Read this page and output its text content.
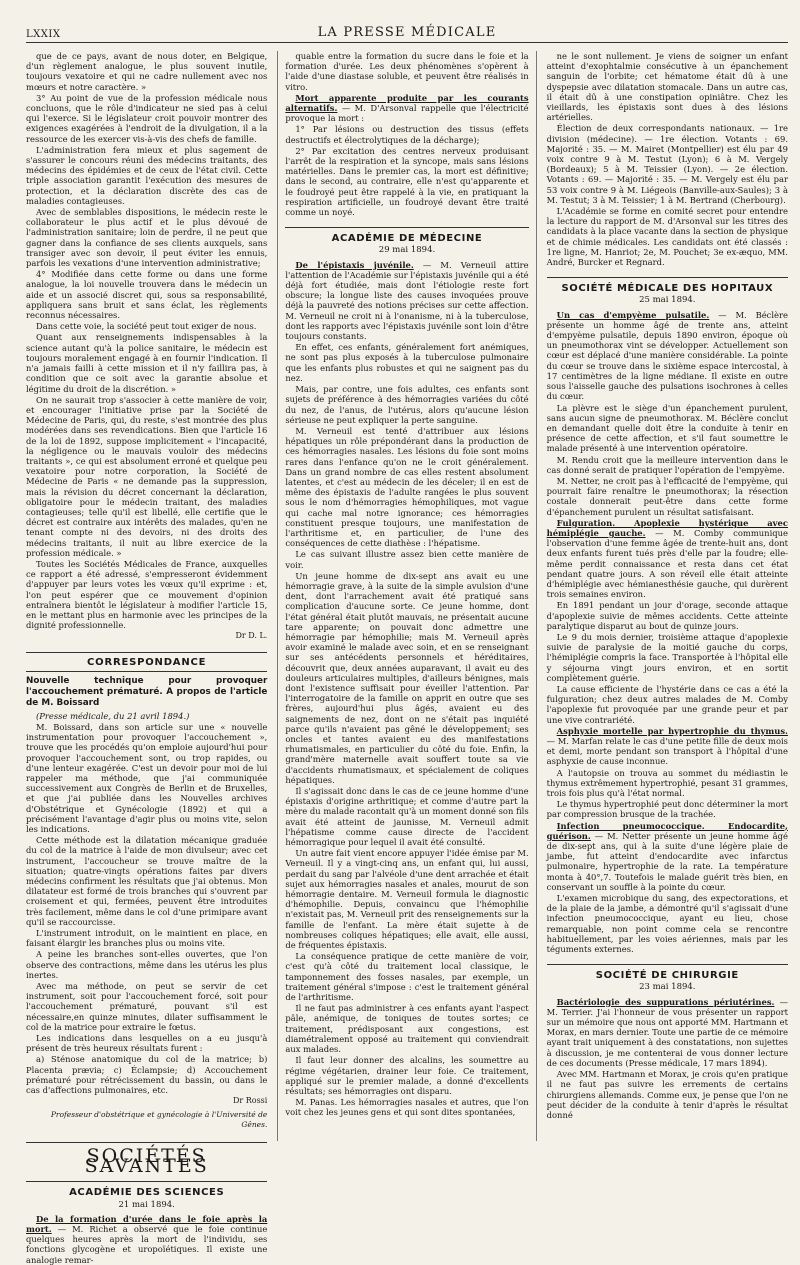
LXXIX	LA PRESSE MÉDICALE

que de ce pays, avant de nous doter, en Belgique, d'un règlement analogue, le plus souvent inutile, toujours vexatoire et qui ne cadre nullement avec nos mœurs et notre caractère. »

3° Au point de vue de la profession médicale nous concluons, que le rôle d'indicateur ne sied pas à celui qui l'exerce. Si le législateur croit pouvoir montrer des exigences exagérées à l'endroit de la divulgation, il a la ressource de les exercer vis-à-vis des chefs de famille.

L'administration fera mieux et plus sagement de s'assurer le concours réuni des médecins traitants, des médecins des épidémies et de ceux de l'état civil. Cette triple association garantit l'exécution des mesures de protection, et la déclaration discrète des cas de maladies contagieuses.

Avec de semblables dispositions, le médecin reste le collaborateur le plus actif et le plus dévoué de l'administration sanitaire; loin de perdre, il ne peut que gagner dans la confiance de ses clients auxquels, sans transiger avec son devoir, il peut éviter les ennuis, parfois les vexations d'une intervention administrative;

4° Modifiée dans cette forme ou dans une forme analogue, la loi nouvelle trouvera dans le médecin un aide et un associé discret qui, sous sa responsabilité, appliquera sans bruit et sans éclat, les règlements reconnus nécessaires.

Dans cette voie, la société peut tout exiger de nous.

Quant aux renseignements indispensables à la science autant qu'à la police sanitaire, le médecin est toujours moralement engagé à en fournir l'indication. Il n'a jamais failli à cette mission et il n'y faillira pas, à condition que ce soit avec la garantie absolue et légitime du droit de la discrétion. »

On ne saurait trop s'associer à cette manière de voir, et encourager l'initiative prise par la Société de Médecine de Paris, qui, du reste, s'est montrée des plus modérées dans ses revendications. Bien que l'article 16 de la loi de 1892, suppose implicitement « l'incapacité, la négligence ou le mauvais vouloir des médecins traitants », ce qui est absolument erroné et quelque peu vexatoire pour notre corporation, la Société de Médecine de Paris « ne demande pas la suppression, mais la révision du décret concernant la déclaration, obligatoire pour le médecin traitant, des maladies contagieuses; telle qu'il est libellé, elle certifie que le décret est contraire aux intérêts des malades, qu'en ne tenant compte ni des devoirs, ni des droits des médecins traitants, il nuit au libre exercice de la profession médicale. »

Toutes les Sociétés Médicales de France, auxquelles ce rapport a été adressé, s'empresseront évidemment d'appuyer par leurs votes les vœux qu'il exprime : et, l'on peut espérer que ce mouvement d'opinion entraînera bientôt le législateur à modifier l'article 15, en le mettant plus en harmonie avec les principes de la dignité professionnelle.

Dr D. L.
CORRESPONDANCE
Nouvelle technique pour provoquer l'accouchement prématuré. A propos de l'article de M. Boissard

(Presse médicale, du 21 avril 1894.)

M. Boissard, dans son article sur une « nouvelle instrumentation pour provoquer l'accouchement », trouve que les procédés qu'on emploie aujourd'hui pour provoquer l'accouchement sont, ou trop rapides, ou d'une lenteur exagérée. C'est un devoir pour moi de lui rappeler ma méthode, que j'ai communiquée successivement aux Congrès de Berlin et de Bruxelles, et que j'ai publiée dans les Nouvelles archives d'Obstétrique et Gynécologie (1892) et qui a précisément l'avantage d'agir plus ou moins vite, selon les indications.

Cette méthode est la dilatation mécanique graduée du col de la matrice à l'aide de mon divulseur; avec cet instrument, l'accoucheur se trouve maître de la situation; quatre-vingts opérations faites par divers médecins confirment les résultats que j'ai obtenus. Mon dilatateur est formé de trois branches qui s'ouvrent par croisement et qui, fermées, peuvent être introduites très facilement, même dans le col d'une primipare avant qu'il se raccourcisse.

L'instrument introduit, on le maintient en place, en faisant élargir les branches plus ou moins vite.

A peine les branches sont-elles ouvertes, que l'on observe des contractions, même dans les utérus les plus inertes.

Avec ma méthode, on peut se servir de cet instrument, soit pour l'accouchement forcé, soit pour l'accouchement prématuré, pouvant s'il est nécessaire,en quinze minutes, dilater suffisamment le col de la matrice pour extraire le fœtus.

Les indications dans lesquelles on a eu jusqu'à présent de très heureux résultats furent :

a) Sténose anatomique du col de la matrice; b) Placenta prævia; c) Éclampsie; d) Accouchement prématuré pour rétrécissement du bassin, ou dans le cas d'affections pulmonaires, etc.

Dr Rossi
Professeur d'obstétrique et gynécologie à l'Université de Gênes.
SOCIÉTÉS SAVANTES
ACADÉMIE DES SCIENCES
21 mai 1894.

De la formation d'urée dans le foie après la mort. — M. Richet a observé que le foie continue quelques heures après la mort de l'individu, ses fonctions glycogène et uropoïétiques. Il existe une analogie remar-

quable entre la formation du sucre dans le foie et la formation d'urée. Les deux phénomènes s'opèrent à l'aide d'une diastase soluble, et peuvent être réalisés in vitro.

Mort apparente produite par les courants alternatifs. — M. D'Arsonval rappelle que l'électricité provoque la mort :

1° Par lésions ou destruction des tissus (effets destructifs et électrolytiques de la décharge);

2° Par excitation des centres nerveux produisant l'arrêt de la respiration et la syncope, mais sans lésions matérielles. Dans le premier cas, la mort est définitive; dans le second, au contraire, elle n'est qu'apparente et le foudroyé peut être rappelé à la vie, en pratiquant la respiration artificielle, un foudroyé devant être traité comme un noyé.

ACADÉMIE DE MÉDECINE
29 mai 1894.

De l'épistaxis juvénile. — M. Verneuil attire l'attention de l'Académie sur l'épistaxis juvénile qui a été déjà fort étudiée, mais dont l'étiologie reste fort obscure; la longue liste des causes invoquées prouve déjà la pauvreté des notions précises sur cette affection. M. Verneuil ne croit ni à l'onanisme, ni à la tuberculose, dont les rapports avec l'épistaxis juvénile sont loin d'être toujours constants.

En effet, ces enfants, généralement fort anémiques, ne sont pas plus exposés à la tuberculose pulmonaire que les enfants plus robustes et qui ne saignent pas du nez.

Mais, par contre, une fois adultes, ces enfants sont sujets de préférence à des hémorragies variées du côté du nez, de l'anus, de l'utérus, alors qu'aucune lésion sérieuse ne peut expliquer la perte sanguine.

M. Verneuil est tenté d'attribuer aux lésions hépatiques un rôle prépondérant dans la production de ces hémorragies nasales. Les lésions du foie sont moins rares dans l'enfance qu'on ne le croit généralement. Dans un grand nombre de cas elles restent absolument latentes, et c'est au médecin de les déceler; il en est de même des épistaxis de l'adulte rangées le plus souvent sous le nom d'hémorragies hémophiliques, mot vague qui cache mal notre ignorance; ces hémorragies constituent presque toujours, une manifestation de l'arthritisme et, en particulier, de l'une des conséquences de cette diathèse : l'hépatisme.

Le cas suivant illustre assez bien cette manière de voir.

Un jeune homme de dix-sept ans avait eu une hémorragie grave, à la suite de la simple avulsion d'une dent, dont l'arrachement avait été pratiqué sans complication d'aucune sorte. Ce jeune homme, dont l'état général était plutôt mauvais, ne présentait aucune tare apparente; on pouvait donc admettre une hémorragie par hémophilie; mais M. Verneuil après avoir examiné le malade avec soin, et en se renseignant sur ses antécédents personnels et héréditaires, découvrit que, deux années auparavant, il avait eu des douleurs articulaires multiples, d'ailleurs bénignes, mais dont l'existence suffisait pour éveiller l'attention. Par l'interrogatoire de la famille on apprit en outre que ses frères, aujourd'hui plus âgés, avaient eu des saignements de nez, dont on ne s'était pas inquiété parce qu'ils n'avaient pas gêné le développement; ses oncles et tantes avaient eu des manifestations rhumatismales, en particulier du côté du foie. Enfin, la grand'mère maternelle avait souffert toute sa vie d'accidents rhumatismaux, et spécialement de coliques hépatiques.

Il s'agissait donc dans le cas de ce jeune homme d'une épistaxis d'origine arthritique; et comme d'autre part la mère du malade racontait qu'à un moment donné son fils avait été atteint de jaunisse, M. Verneuil admit l'hépatisme comme cause directe de l'accident hémorragique pour lequel il avait été consulté.

Un autre fait vient encore appuyer l'idée émise par M. Verneuil. Il y a vingt-cinq ans, un enfant qui, lui aussi, perdait du sang par l'alvéole d'une dent arrachée et était sujet aux hémorragies nasales et anales, mourut de son hémorragie dentaire. M. Verneuil formula le diagnostic d'hémophilie. Depuis, convaincu que l'hémophilie n'existait pas, M. Verneuil prit des renseignements sur la famille de l'enfant. La mère était sujette à de nombreuses coliques hépatiques; elle avait, elle aussi, de fréquentes épistaxis.

La conséquence pratique de cette manière de voir, c'est qu'à côté du traitement local classique, le tamponnement des fosses nasales, par exemple, un traitement général s'impose : c'est le traitement général de l'arthritisme.

Il ne faut pas administrer à ces enfants ayant l'aspect pâle, anémique, de toniques de toutes sortes; ce traitement, prédisposant aux congestions, est diamétralement opposé au traitement qui conviendrait aux malades.

Il faut leur donner des alcalins, les soumettre au régime végétarien, drainer leur foie. Ce traitement, appliqué sur le premier malade, a donné d'excellents résultats; ses hémorragies ont disparu.

M. Panas. Les hémorragies nasales et autres, que l'on voit chez les jeunes gens et qui sont dites spontanées,

ne le sont nullement. Je viens de soigner un enfant atteint d'exophtalmie consécutive à un épanchement sanguin de l'orbite; cet hématome était dû à une dyspepsie avec dilatation stomacale. Dans un autre cas, il était dû à une constipation opiniâtre. Chez les vieillards, les épistaxis sont dues à des lésions artérielles.

Élection de deux correspondants nationaux. — 1re division (médecine). — 1re élection. Votants : 69. Majorité : 35. — M. Mairet (Montpellier) est élu par 49 voix contre 9 à M. Testut (Lyon); 6 à M. Vergely (Bordeaux); 5 à M. Teissier (Lyon). — 2e élection. Votants : 69. — Majorité : 35. — M. Vergely est élu par 53 voix contre 9 à M. Liégeois (Banville-aux-Saules); 3 à M. Testut; 3 à M. Teissier; 1 à M. Bertrand (Cherbourg).

L'Académie se forme en comité secret pour entendre la lecture du rapport de M. d'Arsonval sur les titres des candidats à la place vacante dans la section de physique et de chimie médicales. Les candidats ont été classés : 1re ligne, M. Hanriot; 2e, M. Pouchet; 3e ex-æquo, MM. André, Burcker et Regnard.

SOCIÉTÉ MÉDICALE DES HOPITAUX
25 mai 1894.

Un cas d'empyème pulsatile. — M. Béclère présente un homme âgé de trente ans, atteint d'empyème pulsatile, depuis 1890 environ, époque où un pneumothorax vint se développer. Actuellement son cœur est déplacé d'une manière considérable. La pointe du cœur se trouve dans le sixième espace intercostal, à 17 centimètres de la ligne médiane. Il existe en outre sous l'aisselle gauche des pulsations isochrones à celles du cœur.

La plèvre est le siège d'un épanchement purulent, sans aucun signe de pneumothorax. M. Béclère conclut en demandant quelle doit être la conduite à tenir en présence de cette affection, et s'il faut soumettre le malade présenté à une intervention opératoire.

M. Rendu croit que la meilleure intervention dans le cas donné serait de pratiquer l'opération de l'empyème.

M. Netter, ne croit pas à l'efficacité de l'empyème, qui pourrait faire renaître le pneumothorax; la résection costale donnerait peut-être dans cette forme d'épanchement purulent un résultat satisfaisant.

Fulguration. Apoplexie hystérique avec hémiplégie gauche. — M. Comby communique l'observation d'une femme âgée de trente-huit ans, dont deux enfants furent tués près d'elle par la foudre; elle-même perdit connaissance et resta dans cet état pendant quatre jours. A son réveil elle était atteinte d'hémiplégie avec hémianesthésie gauche, qui durèrent trois semaines environ.

En 1891 pendant un jour d'orage, seconde attaque d'apoplexie suivie de mêmes accidents. Cette atteinte paralytique disparut au bout de quinze jours.

Le 9 du mois dernier, troisième attaque d'apoplexie suivie de paralysie de la moitié gauche du corps, l'hémiplégie compris la face. Transportée à l'hôpital elle y séjourna vingt jours environ, et en sortit complètement guérie.

La cause efficiente de l'hystérie dans ce cas a été la fulguration; chez deux autres malades de M. Comby l'apoplexie fut provoquée par une grande peur et par une vive contrariété.

Asphyxie mortelle par hypertrophie du thymus. — M. Marfan relate le cas d'une petite fille de deux mois et demi, morte pendant son transport à l'hôpital d'une asphyxie de cause inconnue.

A l'autopsie on trouva au sommet du médiastin le thymus extrêmement hypertrophié, pesant 31 grammes, trois fois plus qu'à l'état normal.

Le thymus hypertrophié peut donc déterminer la mort par compression brusque de la trachée.

Infection pneumococcique. Endocardite, guérison. — M. Netter présente un jeune homme âgé de dix-sept ans, qui à la suite d'une légère plaie de jambe, fut atteint d'endocardite avec infarctus pulmonaire, hypertrophie de la rate. La température monta à 40°,7. Toutefois le malade guérit très bien, en conservant un souffle à la pointe du cœur.

L'examen microbique du sang, des expectorations, et de la plaie de la jambe, a démontré qu'il s'agissait d'une infection pneumococcique, ayant eu lieu, chose remarquable, non point comme cela se rencontre habituellement, par les voies aériennes, mais par les téguments externes.

SOCIÉTÉ DE CHIRURGIE
23 mai 1894.

Bactériologie des suppurations périutérines. — M. Terrier. J'ai l'honneur de vous présenter un rapport sur un mémoire que nous ont apporté MM. Hartmann et Morax, en mars dernier. Toute une partie de ce mémoire ayant trait uniquement à des constatations, non sujettes à discussion, je me contenterai de vous donner lecture de ces documents (Presse médicale, 17 mars 1894).

Avec MM. Hartmann et Morax, je crois qu'en pratique il ne faut pas suivre les errements de certains chirurgiens allemands. Comme eux, je pense que l'on ne peut décider de la conduite à tenir d'après le résultat donné
